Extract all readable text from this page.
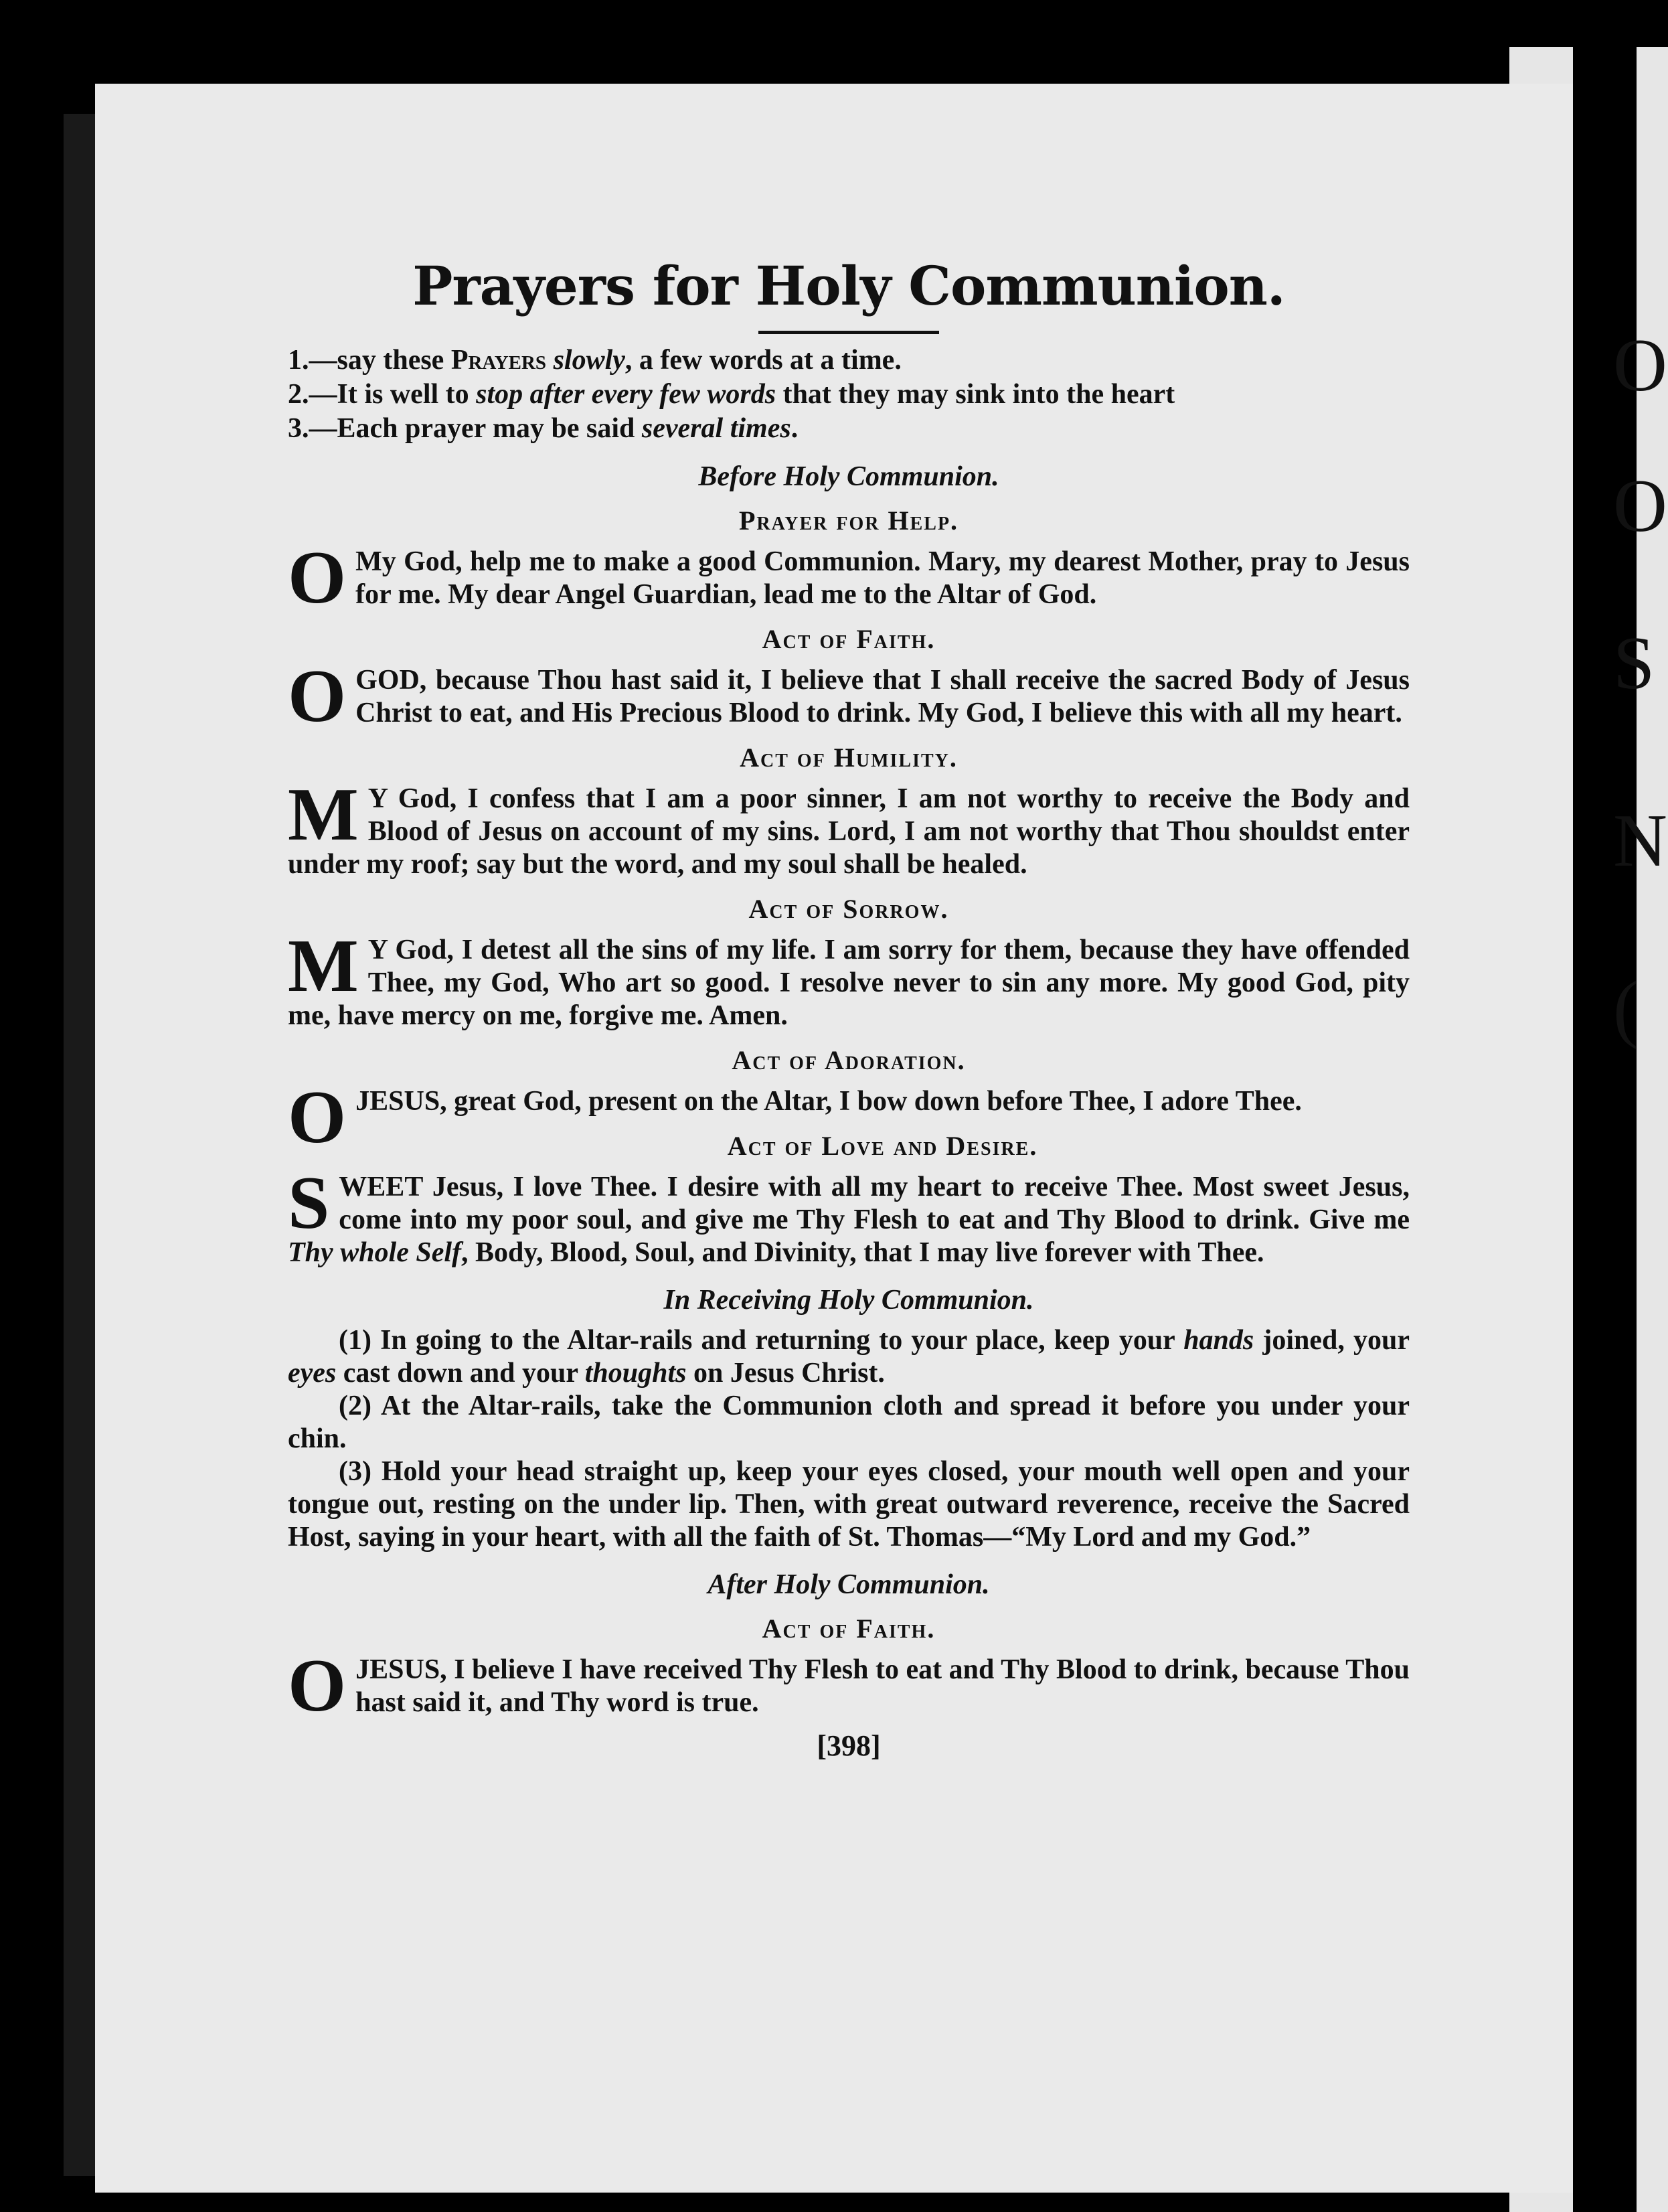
O
O
S
N
(
Prayers for Holy Communion.

1.—say these Prayers slowly, a few words at a time.

2.—It is well to stop after every few words that they may sink into the heart

3.—Each prayer may be said several times.

Before Holy Communion.
Prayer for Help.

O My God, help me to make a good Communion. Mary, my dearest Mother, pray to Jesus for me. My dear Angel Guardian, lead me to the Altar of God.

Act of Faith.

OGOD, because Thou hast said it, I believe that I shall receive the sacred Body of Jesus Christ to eat, and His Precious Blood to drink. My God, I believe this with all my heart.

Act of Humility.

M Y God, I confess that I am a poor sinner, I am not worthy to receive the Body and Blood of Jesus on account of my sins. Lord, I am not worthy that Thou shouldst enter under my roof; say but the word, and my soul shall be healed.

Act of Sorrow.

M Y God, I detest all the sins of my life. I am sorry for them, because they have offended Thee, my God, Who art so good. I resolve never to sin any more. My good God, pity me, have mercy on me, forgive me. Amen.

Act of Adoration.

OJESUS, great God, present on the Altar, I bow down before Thee, I adore Thee.

Act of Love and Desire.

SWEET Jesus, I love Thee. I desire with all my heart to receive Thee. Most sweet Jesus, come into my poor soul, and give me Thy Flesh to eat and Thy Blood to drink. Give me Thy whole Self, Body, Blood, Soul, and Divinity, that I may live forever with Thee.

In Receiving Holy Communion.

(1) In going to the Altar-rails and returning to your place, keep your hands joined, your eyes cast down and your thoughts on Jesus Christ.

(2) At the Altar-rails, take the Communion cloth and spread it before you under your chin.

(3) Hold your head straight up, keep your eyes closed, your mouth well open and your tongue out, resting on the under lip. Then, with great outward reverence, receive the Sacred Host, saying in your heart, with all the faith of St. Thomas—“My Lord and my God.”

After Holy Communion.
Act of Faith.

OJESUS, I believe I have received Thy Flesh to eat and Thy Blood to drink, because Thou hast said it, and Thy word is true.

[398]
